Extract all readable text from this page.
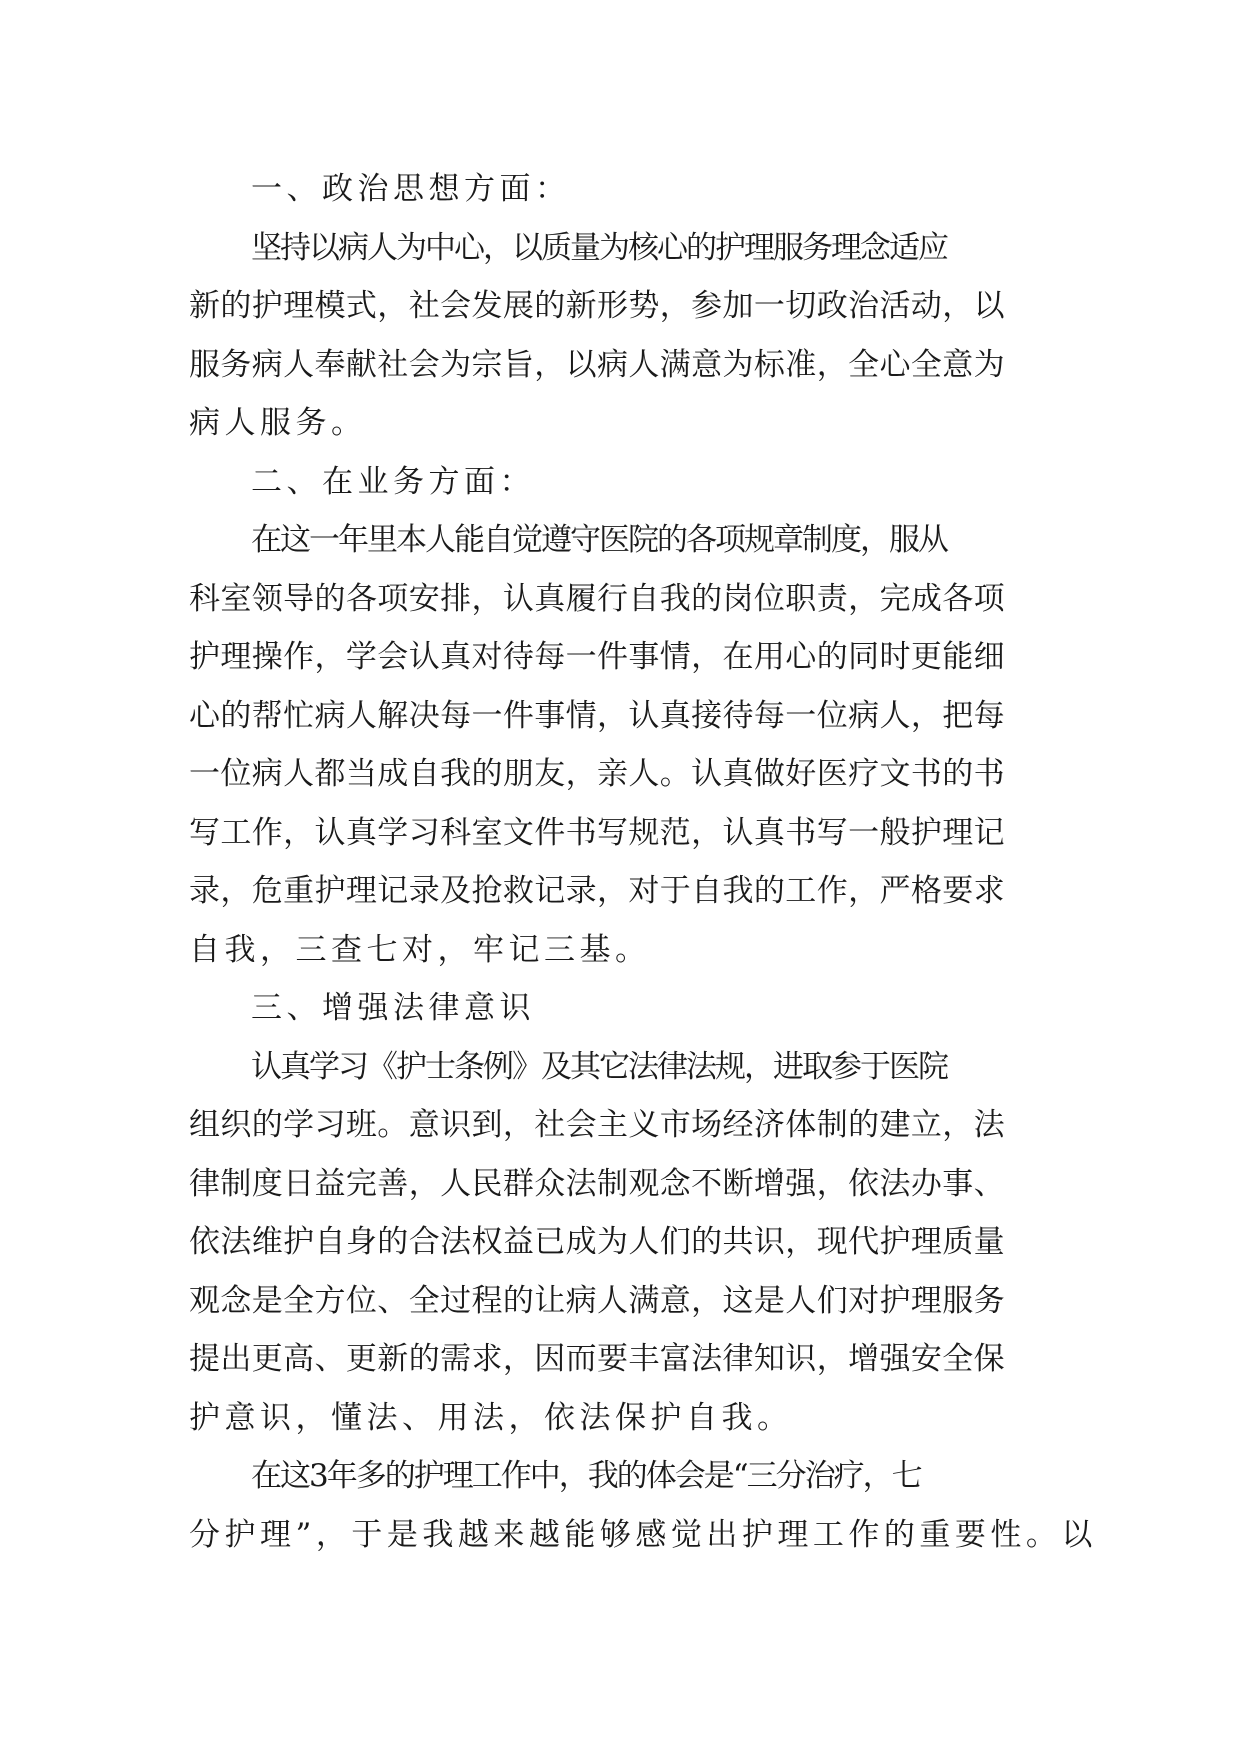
一、政治思想方面：
坚持以病人为中心，以质量为核心的护理服务理念适应
新的护理模式，社会发展的新形势，参加一切政治活动，以
服务病人奉献社会为宗旨，以病人满意为标准，全心全意为
病人服务。
二、在业务方面：
在这一年里本人能自觉遵守医院的各项规章制度，服从
科室领导的各项安排，认真履行自我的岗位职责，完成各项
护理操作，学会认真对待每一件事情，在用心的同时更能细
心的帮忙病人解决每一件事情，认真接待每一位病人，把每
一位病人都当成自我的朋友，亲人。认真做好医疗文书的书
写工作，认真学习科室文件书写规范，认真书写一般护理记
录，危重护理记录及抢救记录，对于自我的工作，严格要求
自我，三查七对，牢记三基。
三、增强法律意识
认真学习《护士条例》及其它法律法规，进取参于医院
组织的学习班。意识到，社会主义市场经济体制的建立，法
律制度日益完善，人民群众法制观念不断增强，依法办事、
依法维护自身的合法权益已成为人们的共识，现代护理质量
观念是全方位、全过程的让病人满意，这是人们对护理服务
提出更高、更新的需求，因而要丰富法律知识，增强安全保
护意识，懂法、用法，依法保护自我。
在这3年多的护理工作中，我的体会是“三分治疗，七
分护理”，于是我越来越能够感觉出护理工作的重要性。以
